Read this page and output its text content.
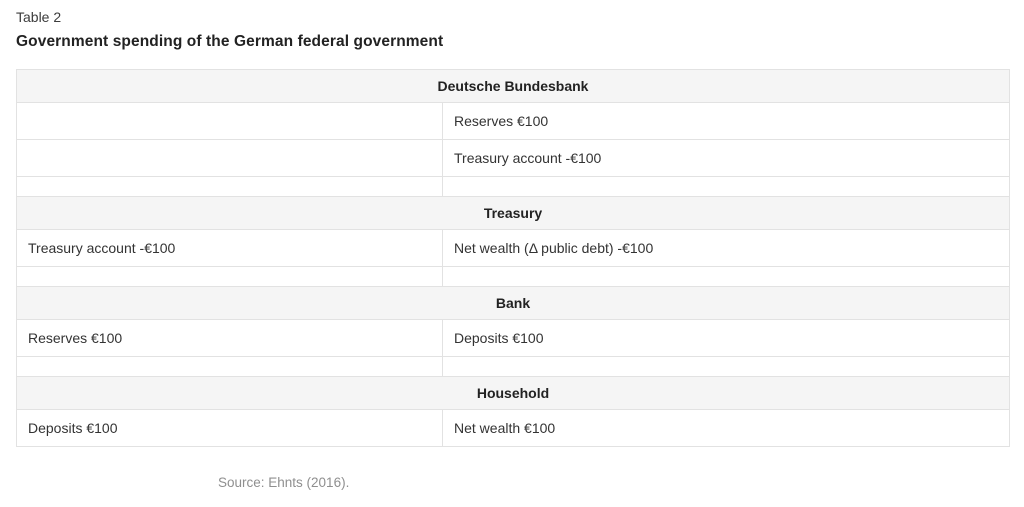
Table 2
Government spending of the German federal government
Deutsche Bundesbank	
	Reserves €100
	Treasury account -€100

Treasury	
Treasury account -€100	Net wealth (Δ public debt) -€100

Bank	
Reserves €100	Deposits €100

Household	
Deposits €100	Net wealth €100
Source: Ehnts (2016).
